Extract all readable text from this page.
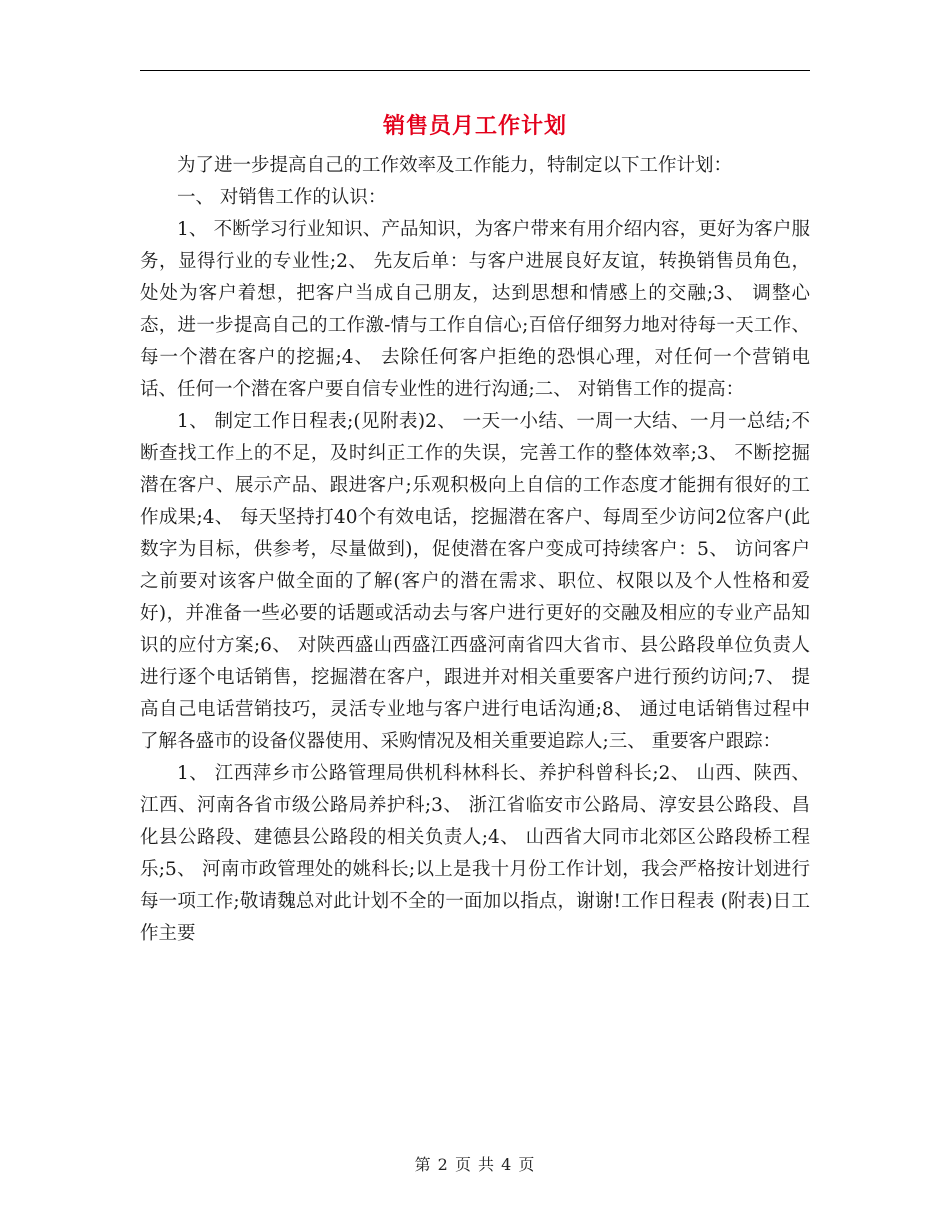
销售员月工作计划

为了进一步提高自己的工作效率及工作能力，特制定以下工作计划：

一、 对销售工作的认识：

1、 不断学习行业知识、产品知识，为客户带来有用介绍内容，更好为客户服务，显得行业的专业性;2、 先友后单：与客户进展良好友谊，转换销售员角色，处处为客户着想，把客户当成自己朋友，达到思想和情感上的交融;3、 调整心态，进一步提高自己的工作激-情与工作自信心;百倍仔细努力地对待每一天工作、每一个潜在客户的挖掘;4、 去除任何客户拒绝的恐惧心理，对任何一个营销电话、任何一个潜在客户要自信专业性的进行沟通;二、 对销售工作的提高：

1、 制定工作日程表;(见附表)2、 一天一小结、一周一大结、一月一总结;不断查找工作上的不足，及时纠正工作的失误，完善工作的整体效率;3、 不断挖掘潜在客户、展示产品、跟进客户;乐观积极向上自信的工作态度才能拥有很好的工作成果;4、 每天坚持打40个有效电话，挖掘潜在客户、每周至少访问2位客户(此数字为目标，供参考，尽量做到)，促使潜在客户变成可持续客户：5、 访问客户之前要对该客户做全面的了解(客户的潜在需求、职位、权限以及个人性格和爱好)，并准备一些必要的话题或活动去与客户进行更好的交融及相应的专业产品知识的应付方案;6、 对陕西盛山西盛江西盛河南省四大省市、县公路段单位负责人进行逐个电话销售，挖掘潜在客户，跟进并对相关重要客户进行预约访问;7、 提高自己电话营销技巧，灵活专业地与客户进行电话沟通;8、 通过电话销售过程中了解各盛市的设备仪器使用、采购情况及相关重要追踪人;三、 重要客户跟踪：

1、 江西萍乡市公路管理局供机科林科长、养护科曾科长;2、 山西、陕西、江西、河南各省市级公路局养护科;3、 浙江省临安市公路局、淳安县公路段、昌化县公路段、建德县公路段的相关负责人;4、 山西省大同市北郊区公路段桥工程乐;5、 河南市政管理处的姚科长;以上是我十月份工作计划，我会严格按计划进行每一项工作;敬请魏总对此计划不全的一面加以指点，谢谢!工作日程表 (附表)日工作主要

第 2 页 共 4 页
